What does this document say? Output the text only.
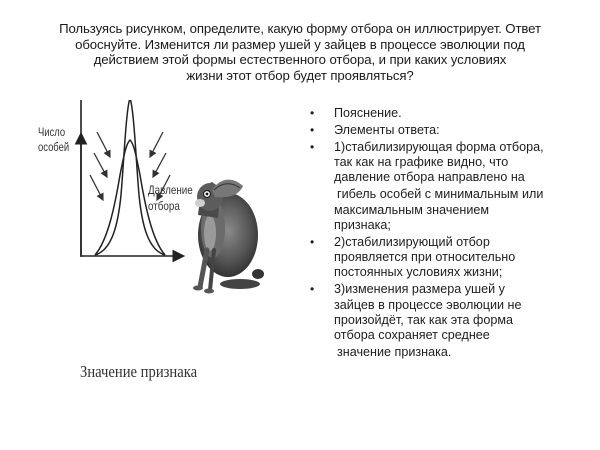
Пользуясь рисунком, определите, какую форму отбора он иллюстрирует. Ответ
обоснуйте. Изменится ли размер ушей у зайцев в процессе эволюции под
действием этой формы естественного отбора, и при каких условиях
жизни этот отбор будет проявляться?
Число
особей
Давление
отбора
Значение признака
• Пояснение.
• Элементы ответа:
• 1)стабилизирующая форма отбора,
так как на графике видно, что
давление отбора направлено на
гибель особей с минимальным или
максимальным значением
признака;
• 2)стабилизирующий отбор
проявляется при относительно
постоянных условиях жизни;
• 3)изменения размера ушей у
зайцев в процессе эволюции не
произойдёт, так как эта форма
отбора сохраняет среднее
значение признака.
